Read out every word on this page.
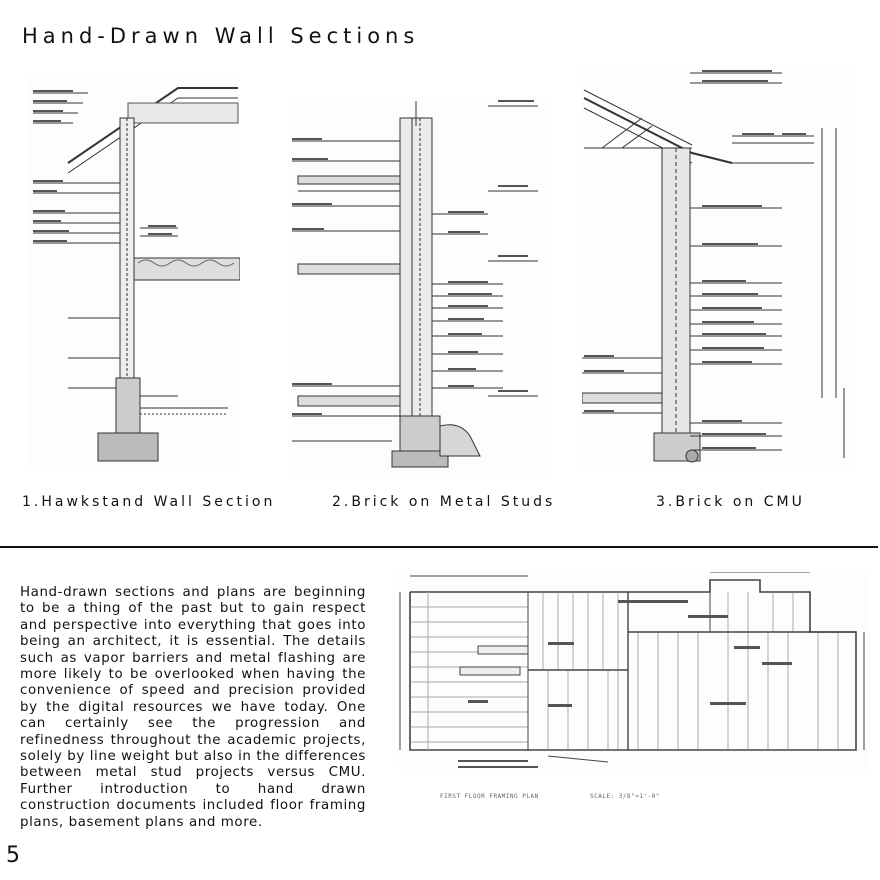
Hand-Drawn Wall Sections
1.Hawkstand Wall Section	2.Brick on Metal Studs	3.Brick on CMU

Hand-drawn sections and plans are beginning to be a thing of the past but to gain respect and perspective into everything that goes into being an architect, it is essential. The details such as vapor barriers and metal flashing are more likely to be overlooked when having the convenience of speed and precision provided by the digital resources we have today. One can certainly see the progression and refinedness throughout the academic projects, solely by line weight but also in the differences between metal stud projects versus CMU. Further introduction to hand drawn construction documents included floor framing plans, basement plans and more.

FIRST FLOOR FRAMING PLAN	SCALE: 3/8"=1'-0"
5
